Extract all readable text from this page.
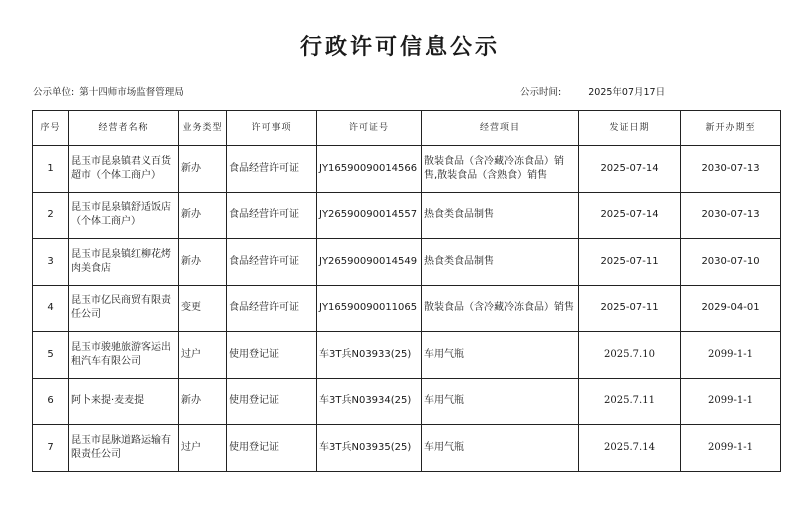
行政许可信息公示
公示单位: 第十四师市场监督管理局	公示时间:	2025年07月17日
序号	经营者名称	业务类型	许可事项	许可证号	经营项目	发证日期	新开办期至
1	昆玉市昆泉镇君义百货超市（个体工商户）	新办	食品经营许可证	JY16590090014566	散装食品（含冷藏冷冻食品）销售,散装食品（含熟食）销售	2025-07-14	2030-07-13
2	昆玉市昆泉镇舒适饭店（个体工商户）	新办	食品经营许可证	JY26590090014557	热食类食品制售	2025-07-14	2030-07-13
3	昆玉市昆泉镇红柳花烤肉美食店	新办	食品经营许可证	JY26590090014549	热食类食品制售	2025-07-11	2030-07-10
4	昆玉市亿民商贸有限责任公司	变更	食品经营许可证	JY16590090011065	散装食品（含冷藏冷冻食品）销售	2025-07-11	2029-04-01
5	昆玉市骏驰旅游客运出租汽车有限公司	过户	使用登记证	车3T兵N03933(25)	车用气瓶	2025.7.10	2099-1-1
6	阿卜来提·麦麦提	新办	使用登记证	车3T兵N03934(25)	车用气瓶	2025.7.11	2099-1-1
7	昆玉市昆脉道路运输有限责任公司	过户	使用登记证	车3T兵N03935(25)	车用气瓶	2025.7.14	2099-1-1
